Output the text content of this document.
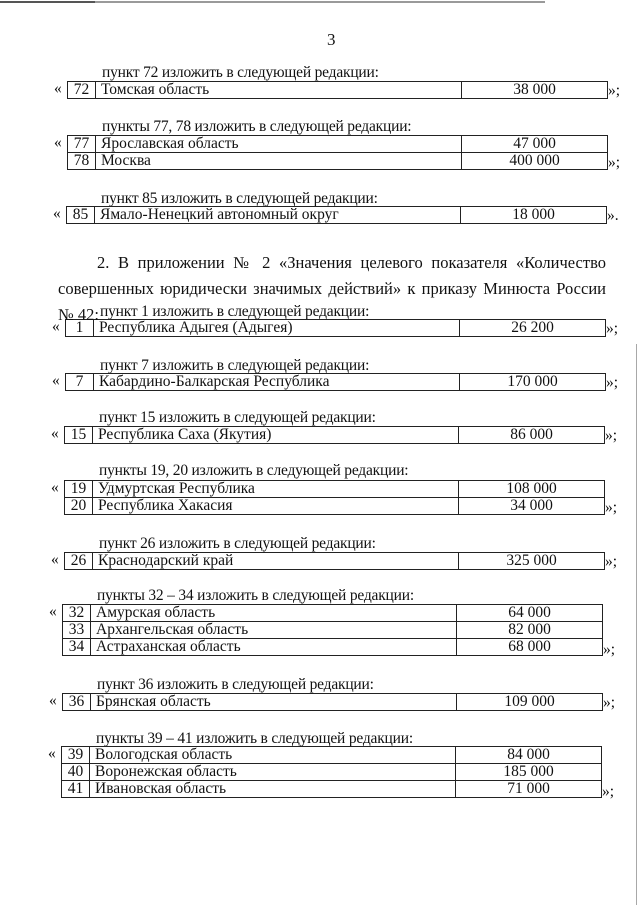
3
пункт 72 изложить в следующей редакции:
« 72	Томская область	38 000	»;
пункты 77, 78 изложить в следующей редакции:
« 77	Ярославская область	47 000
78	Москва	400 000	»;
пункт 85 изложить в следующей редакции:
« 85	Ямало-Ненецкий автономный округ	18 000	».
пункт 1 изложить в следующей редакции:
« 1	Республика Адыгея (Адыгея)	26 200	»;
пункт 7 изложить в следующей редакции:
« 7	Кабардино-Балкарская Республика	170 000	»;
пункт 15 изложить в следующей редакции:
« 15	Республика Саха (Якутия)	86 000	»;
пункты 19, 20 изложить в следующей редакции:
« 19	Удмуртская Республика	108 000
20	Республика Хакасия	34 000	»;
пункт 26 изложить в следующей редакции:
« 26	Краснодарский край	325 000	»;
пункты 32 – 34 изложить в следующей редакции:
« 32	Амурская область	64 000
33	Архангельская область	82 000
34	Астраханская область	68 000	»;
пункт 36 изложить в следующей редакции:
« 36	Брянская область	109 000	»;
пункты 39 – 41 изложить в следующей редакции:
« 39	Вологодская область	84 000
40	Воронежская область	185 000
41	Ивановская область	71 000	»;
2. В приложении № 2 «Значения целевого показателя «Количество
совершенных юридически значимых действий» к приказу Минюста России № 42:
